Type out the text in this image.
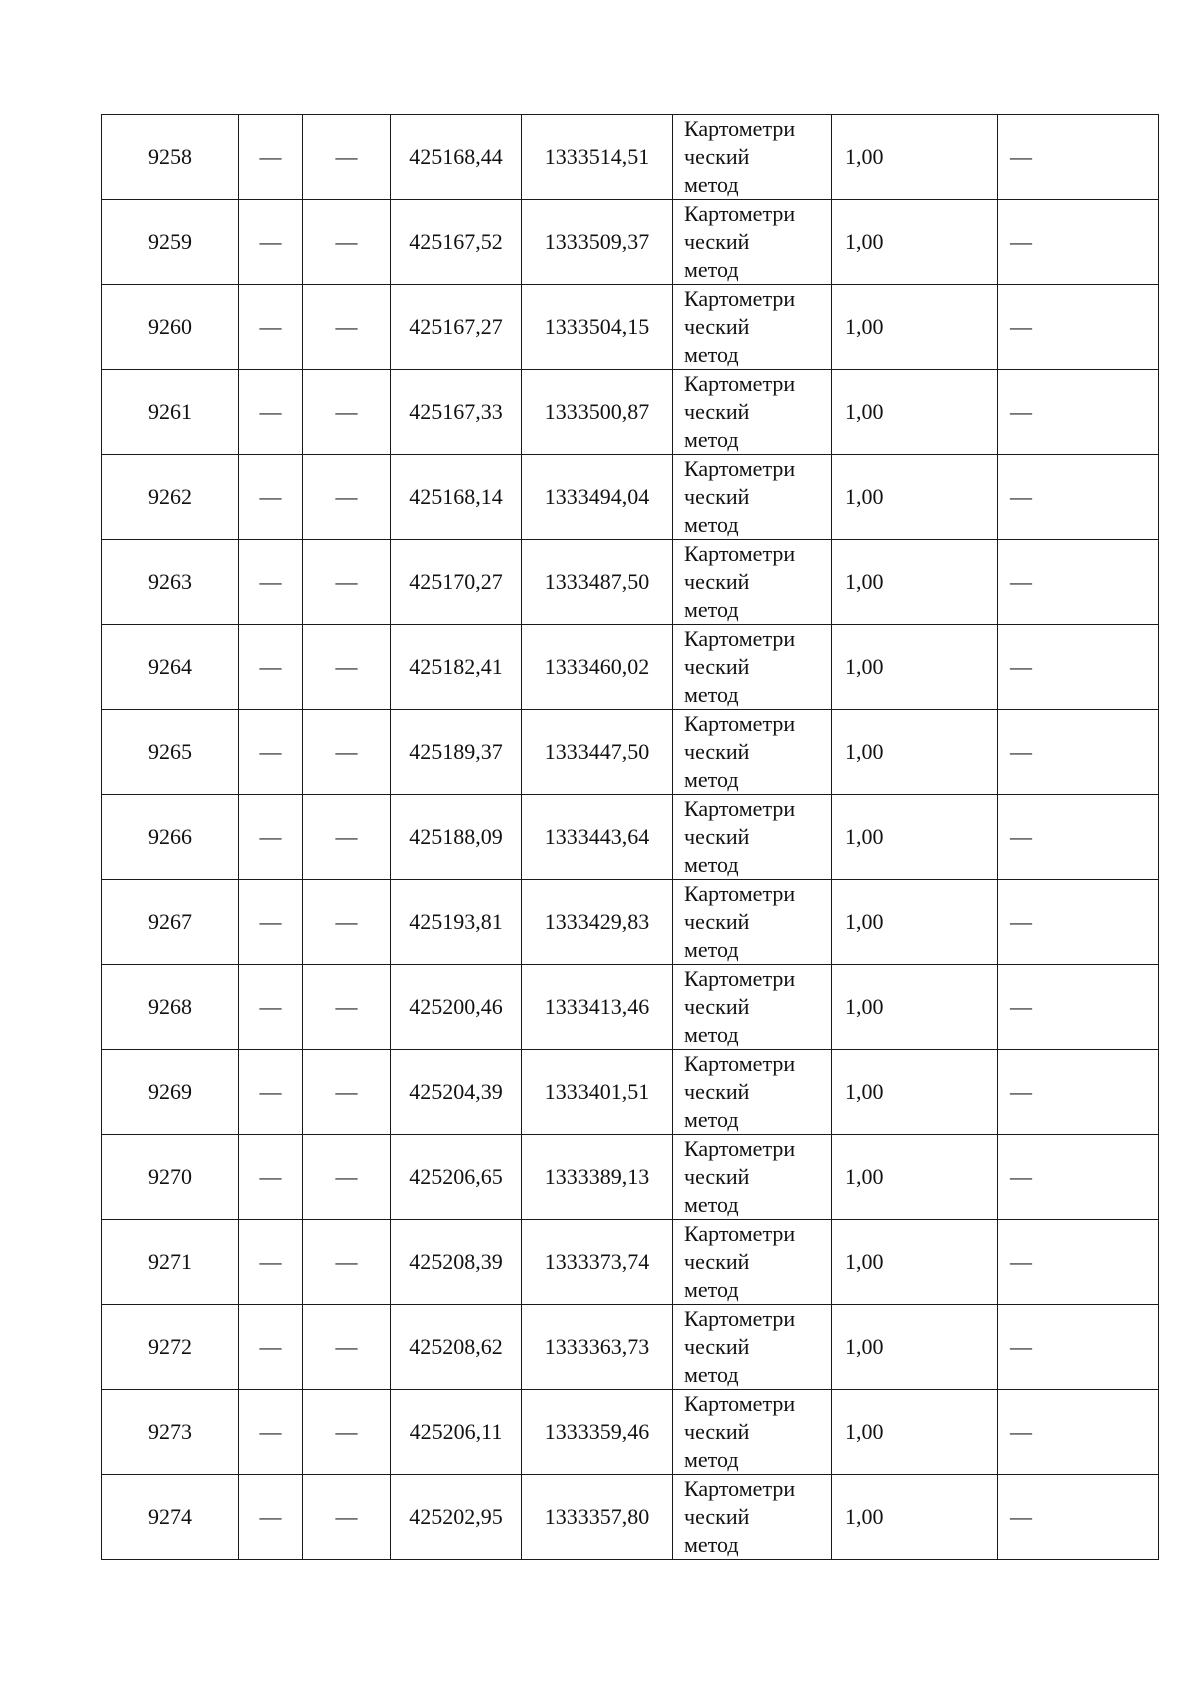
9258	—	—	425168,44	1333514,51	Картометри
ческий
метод	1,00	—
9259	—	—	425167,52	1333509,37	Картометри
ческий
метод	1,00	—
9260	—	—	425167,27	1333504,15	Картометри
ческий
метод	1,00	—
9261	—	—	425167,33	1333500,87	Картометри
ческий
метод	1,00	—
9262	—	—	425168,14	1333494,04	Картометри
ческий
метод	1,00	—
9263	—	—	425170,27	1333487,50	Картометри
ческий
метод	1,00	—
9264	—	—	425182,41	1333460,02	Картометри
ческий
метод	1,00	—
9265	—	—	425189,37	1333447,50	Картометри
ческий
метод	1,00	—
9266	—	—	425188,09	1333443,64	Картометри
ческий
метод	1,00	—
9267	—	—	425193,81	1333429,83	Картометри
ческий
метод	1,00	—
9268	—	—	425200,46	1333413,46	Картометри
ческий
метод	1,00	—
9269	—	—	425204,39	1333401,51	Картометри
ческий
метод	1,00	—
9270	—	—	425206,65	1333389,13	Картометри
ческий
метод	1,00	—
9271	—	—	425208,39	1333373,74	Картометри
ческий
метод	1,00	—
9272	—	—	425208,62	1333363,73	Картометри
ческий
метод	1,00	—
9273	—	—	425206,11	1333359,46	Картометри
ческий
метод	1,00	—
9274	—	—	425202,95	1333357,80	Картометри
ческий
метод	1,00	—
